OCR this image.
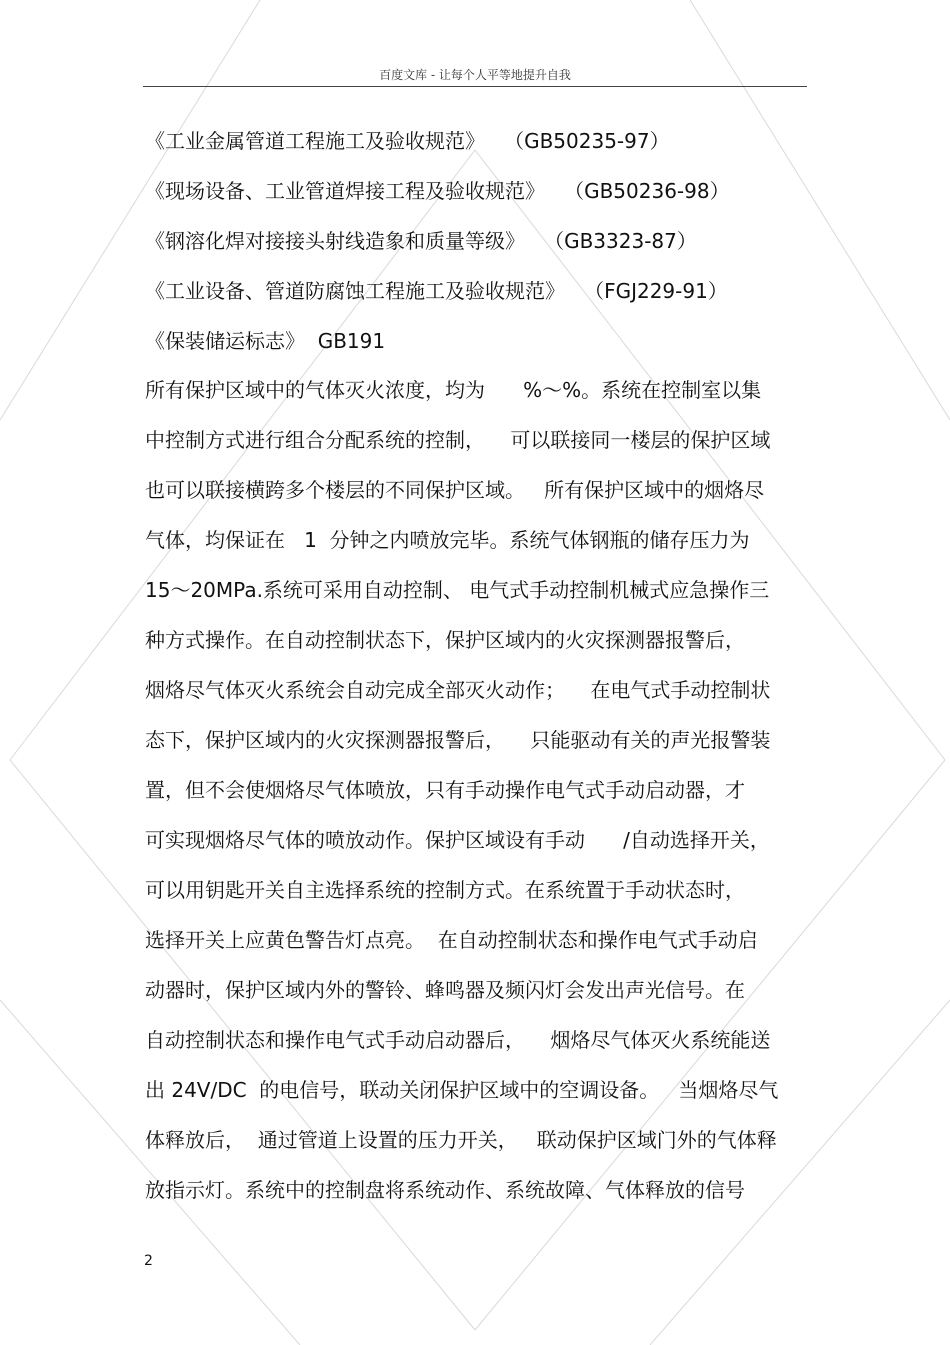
百度文库 - 让每个人平等地提升自我
《工业金属管道工程施工及验收规范》   （GB50235-97）
《现场设备、工业管道焊接工程及验收规范》   （GB50236-98）
《钢溶化焊对接接头射线造象和质量等级》   （GB3323-87）
《工业设备、管道防腐蚀工程施工及验收规范》   （FGJ229-91）
《保装储运标志》  GB191
所有保护区域中的气体灭火浓度，均为      %～%。系统在控制室以集
中控制方式进行组合分配系统的控制，    可以联接同一楼层的保护区域
也可以联接横跨多个楼层的不同保护区域。   所有保护区域中的烟烙尽
气体，均保证在   1  分钟之内喷放完毕。系统气体钢瓶的储存压力为
15～20MPa.系统可采用自动控制、 电气式手动控制机械式应急操作三
种方式操作。在自动控制状态下，保护区域内的火灾探测器报警后，
烟烙尽气体灭火系统会自动完成全部灭火动作；    在电气式手动控制状
态下，保护区域内的火灾探测器报警后，    只能驱动有关的声光报警装
置，但不会使烟烙尽气体喷放，只有手动操作电气式手动启动器，才
可实现烟烙尽气体的喷放动作。保护区域设有手动      /自动选择开关，
可以用钥匙开关自主选择系统的控制方式。在系统置于手动状态时，
选择开关上应黄色警告灯点亮。  在自动控制状态和操作电气式手动启
动器时，保护区域内外的警铃、蜂鸣器及频闪灯会发出声光信号。在
自动控制状态和操作电气式手动启动器后，    烟烙尽气体灭火系统能送
出 24V/DC  的电信号，联动关闭保护区域中的空调设备。   当烟烙尽气
体释放后，  通过管道上设置的压力开关，   联动保护区域门外的气体释
放指示灯。系统中的控制盘将系统动作、系统故障、气体释放的信号
2
